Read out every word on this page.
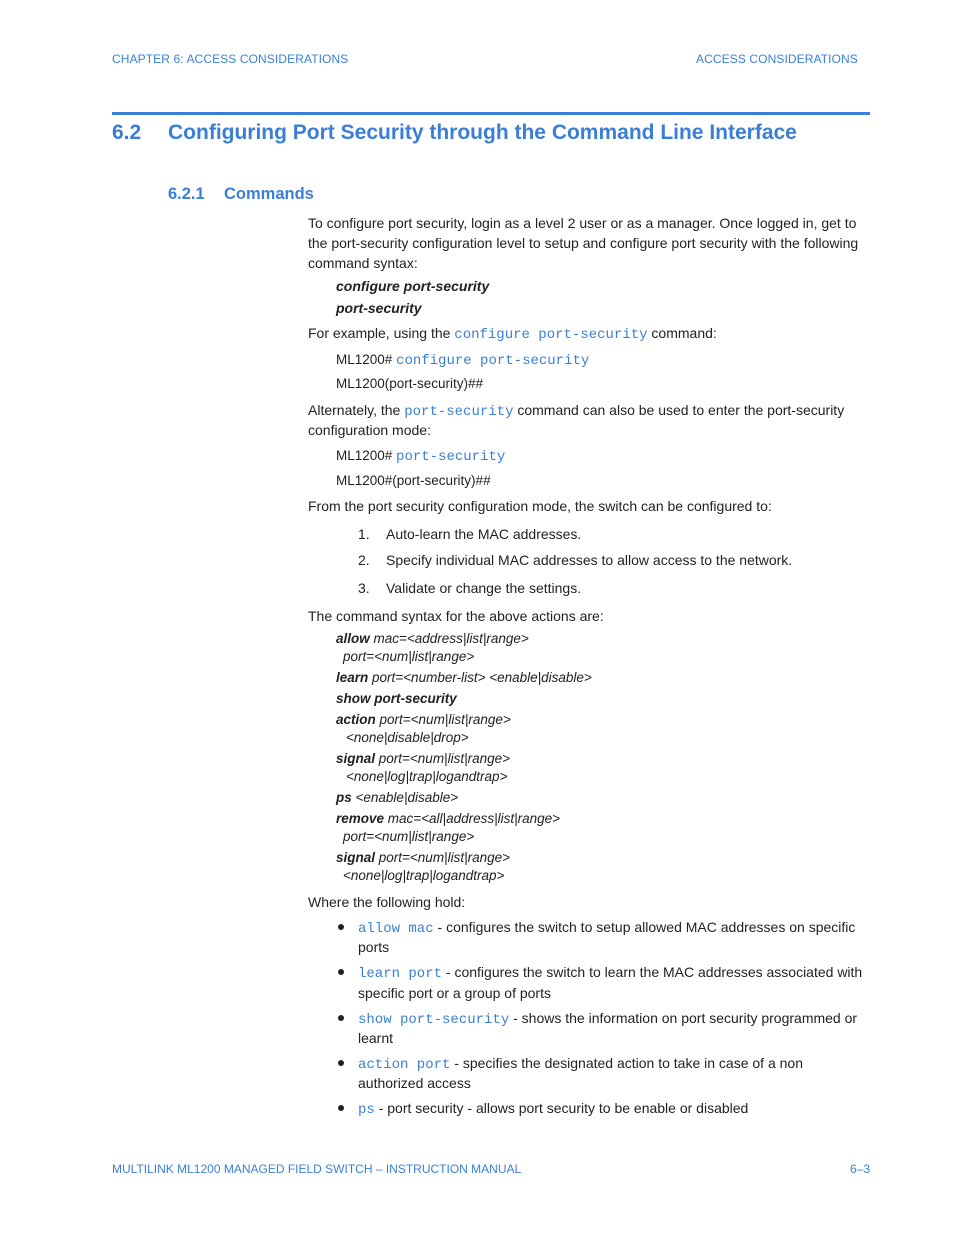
CHAPTER 6: ACCESS CONSIDERATIONS	ACCESS CONSIDERATIONS
6.2 Configuring Port Security through the Command Line Interface
6.2.1 Commands
To configure port security, login as a level 2 user or as a manager. Once logged in, get to
the port-security configuration level to setup and configure port security with the following
command syntax:
configure port-security
port-security
For example, using the configure port-security command:
ML1200# configure port-security
ML1200(port-security)##
Alternately, the port-security command can also be used to enter the port-security
configuration mode:
ML1200# port-security
ML1200#(port-security)##
From the port security configuration mode, the switch can be configured to:
1. Auto-learn the MAC addresses.
2. Specify individual MAC addresses to allow access to the network.
3. Validate or change the settings.
The command syntax for the above actions are:
allow mac=<address|list|range>
port=<num|list|range>
learn port=<number-list> <enable|disable>
show port-security
action port=<num|list|range>
<none|disable|drop>
signal port=<num|list|range>
<none|log|trap|logandtrap>
ps <enable|disable>
remove mac=<all|address|list|range>
port=<num|list|range>
signal port=<num|list|range>
<none|log|trap|logandtrap>
Where the following hold:
allow mac - configures the switch to setup allowed MAC addresses on specific
ports
learn port - configures the switch to learn the MAC addresses associated with
specific port or a group of ports
show port-security - shows the information on port security programmed or
learnt
action port - specifies the designated action to take in case of a non
authorized access
ps - port security - allows port security to be enable or disabled
MULTILINK ML1200 MANAGED FIELD SWITCH – INSTRUCTION MANUAL	6–3
